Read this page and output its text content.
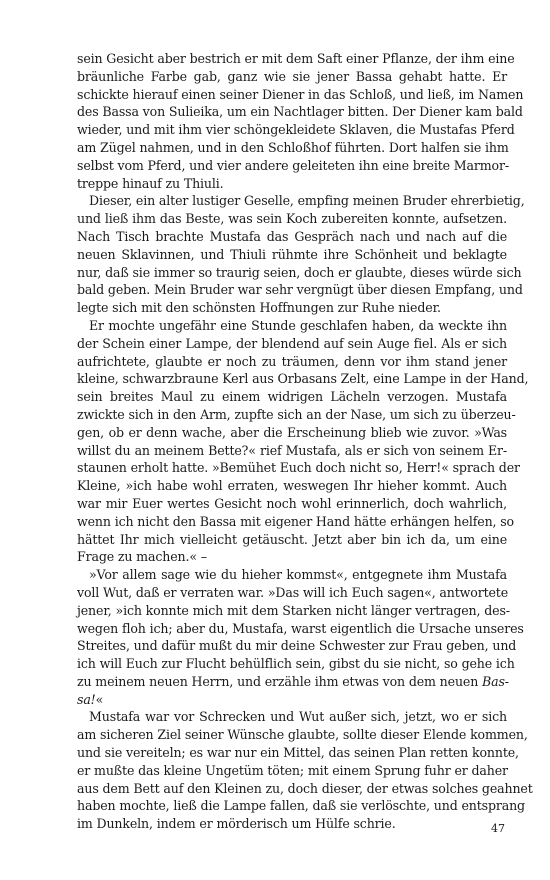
sein Gesicht aber bestrich er mit dem Saft einer Pflanze, der ihm eine
bräunliche Farbe gab, ganz wie sie jener Bassa gehabt hatte. Er
schickte hierauf einen seiner Diener in das Schloß, und ließ, im Namen
des Bassa von Sulieika, um ein Nachtlager bitten. Der Diener kam bald
wieder, und mit ihm vier schöngekleidete Sklaven, die Mustafas Pferd
am Zügel nahmen, und in den Schloßhof führten. Dort halfen sie ihm
selbst vom Pferd, und vier andere geleiteten ihn eine breite Marmor-
treppe hinauf zu Thiuli.
Dieser, ein alter lustiger Geselle, empfing meinen Bruder ehrerbietig,
und ließ ihm das Beste, was sein Koch zubereiten konnte, aufsetzen.
Nach Tisch brachte Mustafa das Gespräch nach und nach auf die
neuen Sklavinnen, und Thiuli rühmte ihre Schönheit und beklagte
nur, daß sie immer so traurig seien, doch er glaubte, dieses würde sich
bald geben. Mein Bruder war sehr vergnügt über diesen Empfang, und
legte sich mit den schönsten Hoffnungen zur Ruhe nieder.
Er mochte ungefähr eine Stunde geschlafen haben, da weckte ihn
der Schein einer Lampe, der blendend auf sein Auge fiel. Als er sich
aufrichtete, glaubte er noch zu träumen, denn vor ihm stand jener
kleine, schwarzbraune Kerl aus Orbasans Zelt, eine Lampe in der Hand,
sein breites Maul zu einem widrigen Lächeln verzogen. Mustafa
zwickte sich in den Arm, zupfte sich an der Nase, um sich zu überzeu-
gen, ob er denn wache, aber die Erscheinung blieb wie zuvor. »Was
willst du an meinem Bette?« rief Mustafa, als er sich von seinem Er-
staunen erholt hatte. »Bemühet Euch doch nicht so, Herr!« sprach der
Kleine, »ich habe wohl erraten, weswegen Ihr hieher kommt. Auch
war mir Euer wertes Gesicht noch wohl erinnerlich, doch wahrlich,
wenn ich nicht den Bassa mit eigener Hand hätte erhängen helfen, so
hättet Ihr mich vielleicht getäuscht. Jetzt aber bin ich da, um eine
Frage zu machen.« –
»Vor allem sage wie du hieher kommst«, entgegnete ihm Mustafa
voll Wut, daß er verraten war. »Das will ich Euch sagen«, antwortete
jener, »ich konnte mich mit dem Starken nicht länger vertragen, des-
wegen floh ich; aber du, Mustafa, warst eigentlich die Ursache unseres
Streites, und dafür mußt du mir deine Schwester zur Frau geben, und
ich will Euch zur Flucht behülflich sein, gibst du sie nicht, so gehe ich
zu meinem neuen Herrn, und erzähle ihm etwas von dem neuen Bas-
sa!«
Mustafa war vor Schrecken und Wut außer sich, jetzt, wo er sich
am sicheren Ziel seiner Wünsche glaubte, sollte dieser Elende kommen,
und sie vereiteln; es war nur ein Mittel, das seinen Plan retten konnte,
er mußte das kleine Ungetüm töten; mit einem Sprung fuhr er daher
aus dem Bett auf den Kleinen zu, doch dieser, der etwas solches geahnet
haben mochte, ließ die Lampe fallen, daß sie verlöschte, und entsprang
im Dunkeln, indem er mörderisch um Hülfe schrie.	47
